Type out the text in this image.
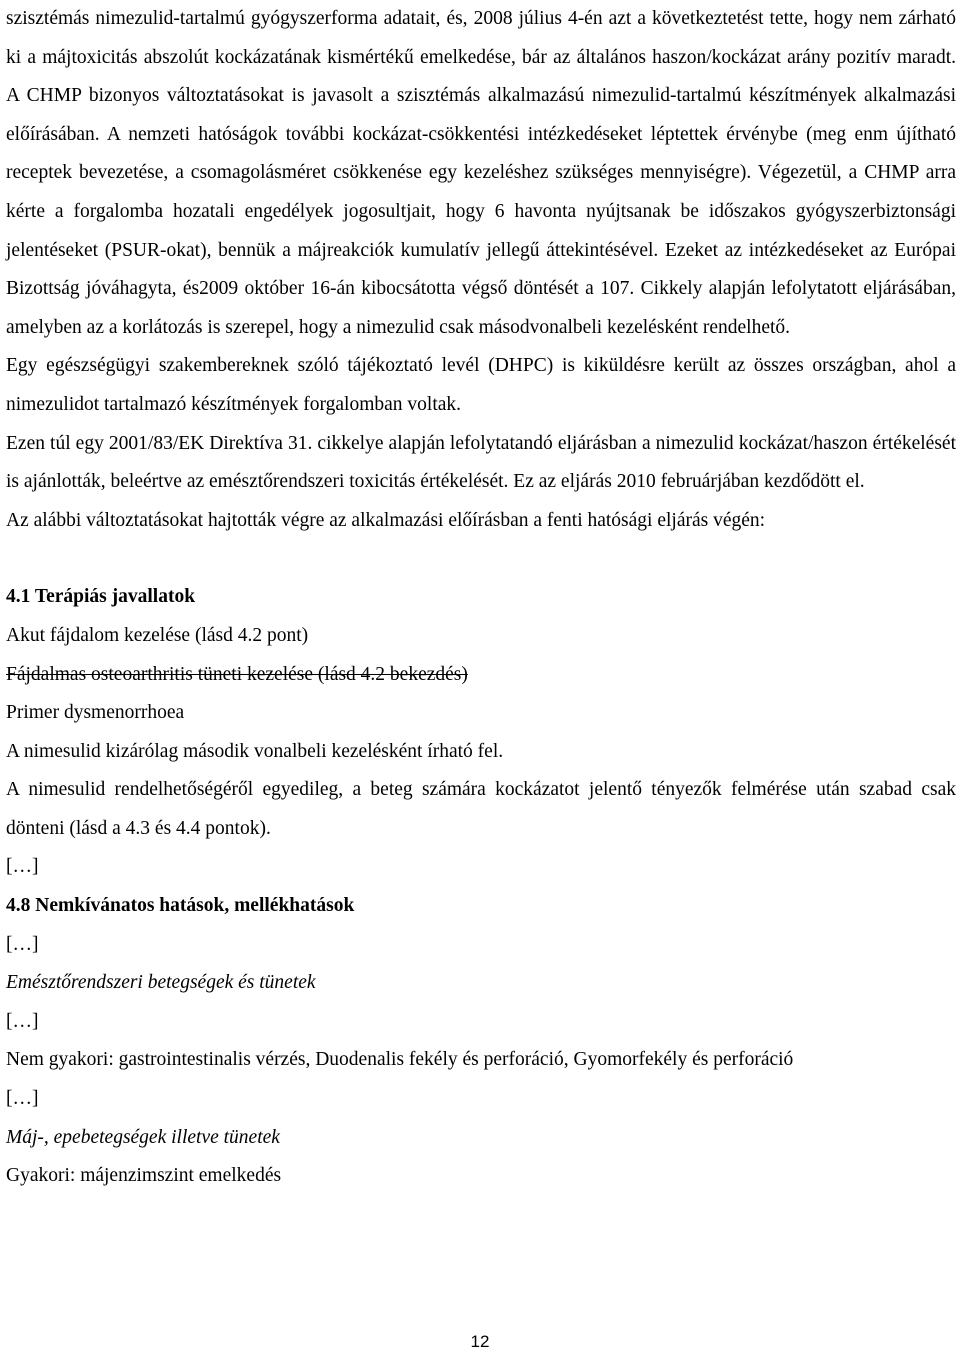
szisztémás nimezulid-tartalmú gyógyszerforma adatait, és, 2008 július 4-én azt a következtetést tette, hogy nem zárható ki a májtoxicitás abszolút kockázatának kismértékű emelkedése, bár az általános haszon/kockázat arány pozitív maradt. A CHMP bizonyos változtatásokat is javasolt a szisztémás alkalmazású nimezulid-tartalmú készítmények alkalmazási előírásában. A nemzeti hatóságok további kockázat-csökkentési intézkedéseket léptettek érvénybe (meg enm újítható receptek bevezetése, a csomagolásméret csökkenése egy kezeléshez szükséges mennyiségre). Végezetül, a CHMP arra kérte a forgalomba hozatali engedélyek jogosultjait, hogy 6 havonta nyújtsanak be időszakos gyógyszerbiztonsági jelentéseket (PSUR-okat), bennük a májreakciók kumulatív jellegű áttekintésével. Ezeket az intézkedéseket az Európai Bizottság jóváhagyta, és2009 október 16-án kibocsátotta végső döntését a 107. Cikkely alapján lefolytatott eljárásában, amelyben az a korlátozás is szerepel, hogy a nimezulid csak másodvonalbeli kezelésként rendelhető.

Egy egészségügyi szakembereknek szóló tájékoztató levél (DHPC) is kiküldésre került az összes országban, ahol a nimezulidot tartalmazó készítmények forgalomban voltak.

Ezen túl egy 2001/83/EK Direktíva 31. cikkelye alapján lefolytatandó eljárásban a nimezulid kockázat/haszon értékelését is ajánlották, beleértve az emésztőrendszeri toxicitás értékelését. Ez az eljárás 2010 februárjában kezdődött el.

Az alábbi változtatásokat hajtották végre az alkalmazási előírásban a fenti hatósági eljárás végén:

4.1 Terápiás javallatok

Akut fájdalom kezelése (lásd 4.2 pont)

Fájdalmas osteoarthritis tüneti kezelése (lásd 4.2 bekezdés)

Primer dysmenorrhoea

A nimesulid kizárólag második vonalbeli kezelésként írható fel.

A nimesulid rendelhetőségéről egyedileg, a beteg számára kockázatot jelentő tényezők felmérése után szabad csak dönteni (lásd a 4.3 és 4.4 pontok).

[…]

4.8 Nemkívánatos hatások, mellékhatások

[…]

Emésztőrendszeri betegségek és tünetek

[…]

Nem gyakori: gastrointestinalis vérzés, Duodenalis fekély és perforáció, Gyomorfekély és perforáció

[…]

Máj-, epebetegségek illetve tünetek

Gyakori: májenzimszint emelkedés

12
